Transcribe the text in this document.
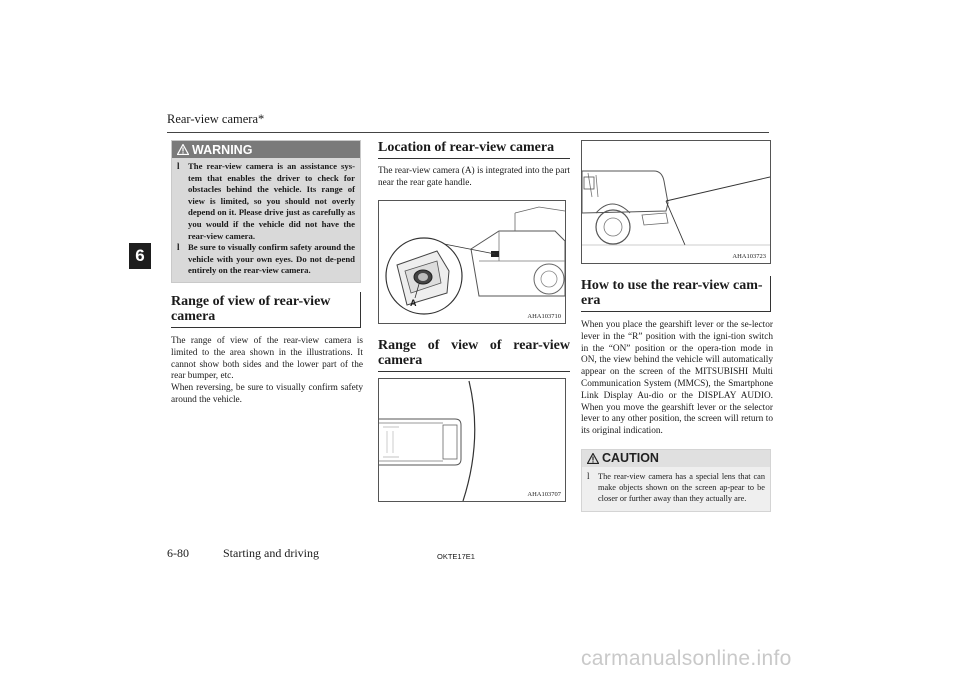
Rear-view camera*
6
WARNING
l The rear-view camera is an assistance sys-tem that enables the driver to check for obstacles behind the vehicle. Its range of view is limited, so you should not overly depend on it. Please drive just as carefully as you would if the vehicle did not have the rear-view camera.
l Be sure to visually confirm safety around the vehicle with your own eyes. Do not de-pend entirely on the rear-view camera.
Range of view of rear-view camera

The range of view of the rear-view camera is limited to the area shown in the illustrations. It cannot show both sides and the lower part of the rear bumper, etc.

When reversing, be sure to visually confirm safety around the vehicle.

Location of rear-view camera

The rear-view camera (A) is integrated into the part near the rear gate handle.

A
AHA103710
Range of view of rear-view camera
AHA103707
AHA103723
How to use the rear-view cam-era

When you place the gearshift lever or the se-lector lever in the “R” position with the igni-tion switch in the “ON” position or the opera-tion mode in ON, the view behind the vehicle will automatically appear on the screen of the MITSUBISHI Multi Communication System (MMCS), the Smartphone Link Display Au-dio or the DISPLAY AUDIO. When you move the gearshift lever or the selector lever to any other position, the screen will return to its original indication.

CAUTION
l The rear-view camera has a special lens that can make objects shown on the screen ap-pear to be closer or further away than they actually are.
6-80	Starting and driving	OKTE17E1
carmanualsonline.info
